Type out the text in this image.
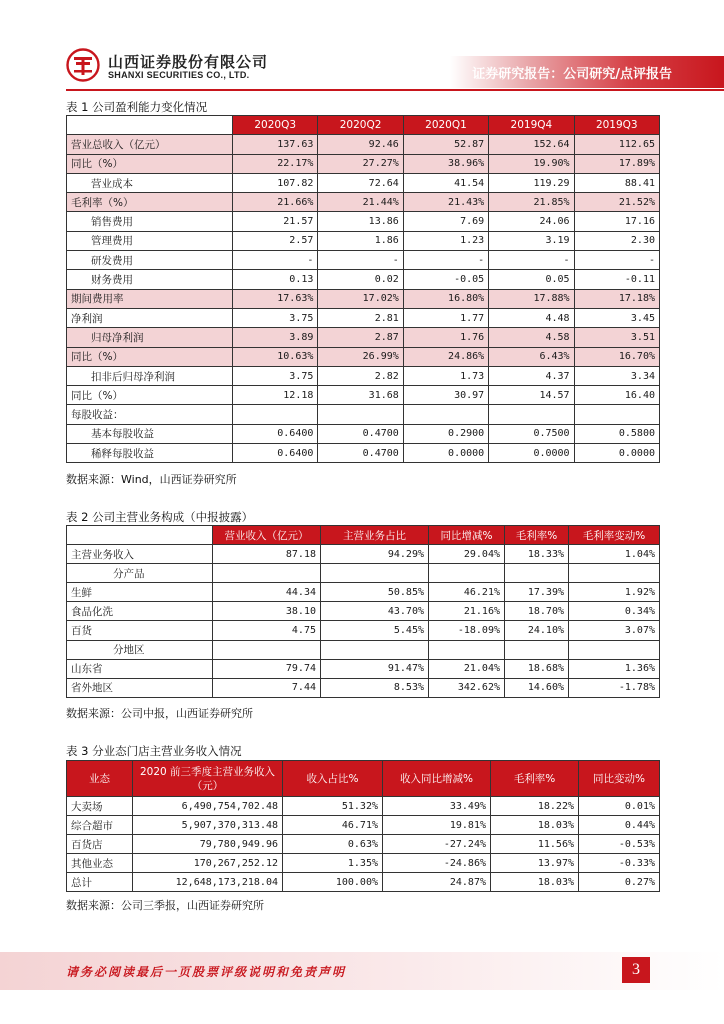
山西证券股份有限公司
SHANXI SECURITIES CO., LTD.	证券研究报告：公司研究/点评报告
表 1 公司盈利能力变化情况
	2020Q3	2020Q2	2020Q1	2019Q4	2019Q3
营业总收入（亿元）	137.63	92.46	52.87	152.64	112.65
同比（%）	22.17%	27.27%	38.96%	19.90%	17.89%
营业成本	107.82	72.64	41.54	119.29	88.41
毛利率（%）	21.66%	21.44%	21.43%	21.85%	21.52%
销售费用	21.57	13.86	7.69	24.06	17.16
管理费用	2.57	1.86	1.23	3.19	2.30
研发费用	-	-	-	-	-
财务费用	0.13	0.02	-0.05	0.05	-0.11
期间费用率	17.63%	17.02%	16.80%	17.88%	17.18%
净利润	3.75	2.81	1.77	4.48	3.45
归母净利润	3.89	2.87	1.76	4.58	3.51
同比（%）	10.63%	26.99%	24.86%	6.43%	16.70%
扣非后归母净利润	3.75	2.82	1.73	4.37	3.34
同比（%）	12.18	31.68	30.97	14.57	16.40
每股收益：					
基本每股收益	0.6400	0.4700	0.2900	0.7500	0.5800
稀释每股收益	0.6400	0.4700	0.0000	0.0000	0.0000
数据来源：Wind，山西证券研究所
表 2 公司主营业务构成（中报披露）
	营业收入（亿元）	主营业务占比	同比增减%	毛利率%	毛利率变动%
主营业务收入	87.18	94.29%	29.04%	18.33%	1.04%
分产品					
生鲜	44.34	50.85%	46.21%	17.39%	1.92%
食品化洗	38.10	43.70%	21.16%	18.70%	0.34%
百货	4.75	5.45%	-18.09%	24.10%	3.07%
分地区					
山东省	79.74	91.47%	21.04%	18.68%	1.36%
省外地区	7.44	8.53%	342.62%	14.60%	-1.78%
数据来源：公司中报，山西证券研究所
表 3 分业态门店主营业务收入情况
业态	2020 前三季度主营业务收入（元）	收入占比%	收入同比增减%	毛利率%	同比变动%
大卖场	6,490,754,702.48	51.32%	33.49%	18.22%	0.01%
综合超市	5,907,370,313.48	46.71%	19.81%	18.03%	0.44%
百货店	79,780,949.96	0.63%	-27.24%	11.56%	-0.53%
其他业态	170,267,252.12	1.35%	-24.86%	13.97%	-0.33%
总计	12,648,173,218.04	100.00%	24.87%	18.03%	0.27%
数据来源：公司三季报，山西证券研究所
请务必阅读最后一页股票评级说明和免责声明	3
